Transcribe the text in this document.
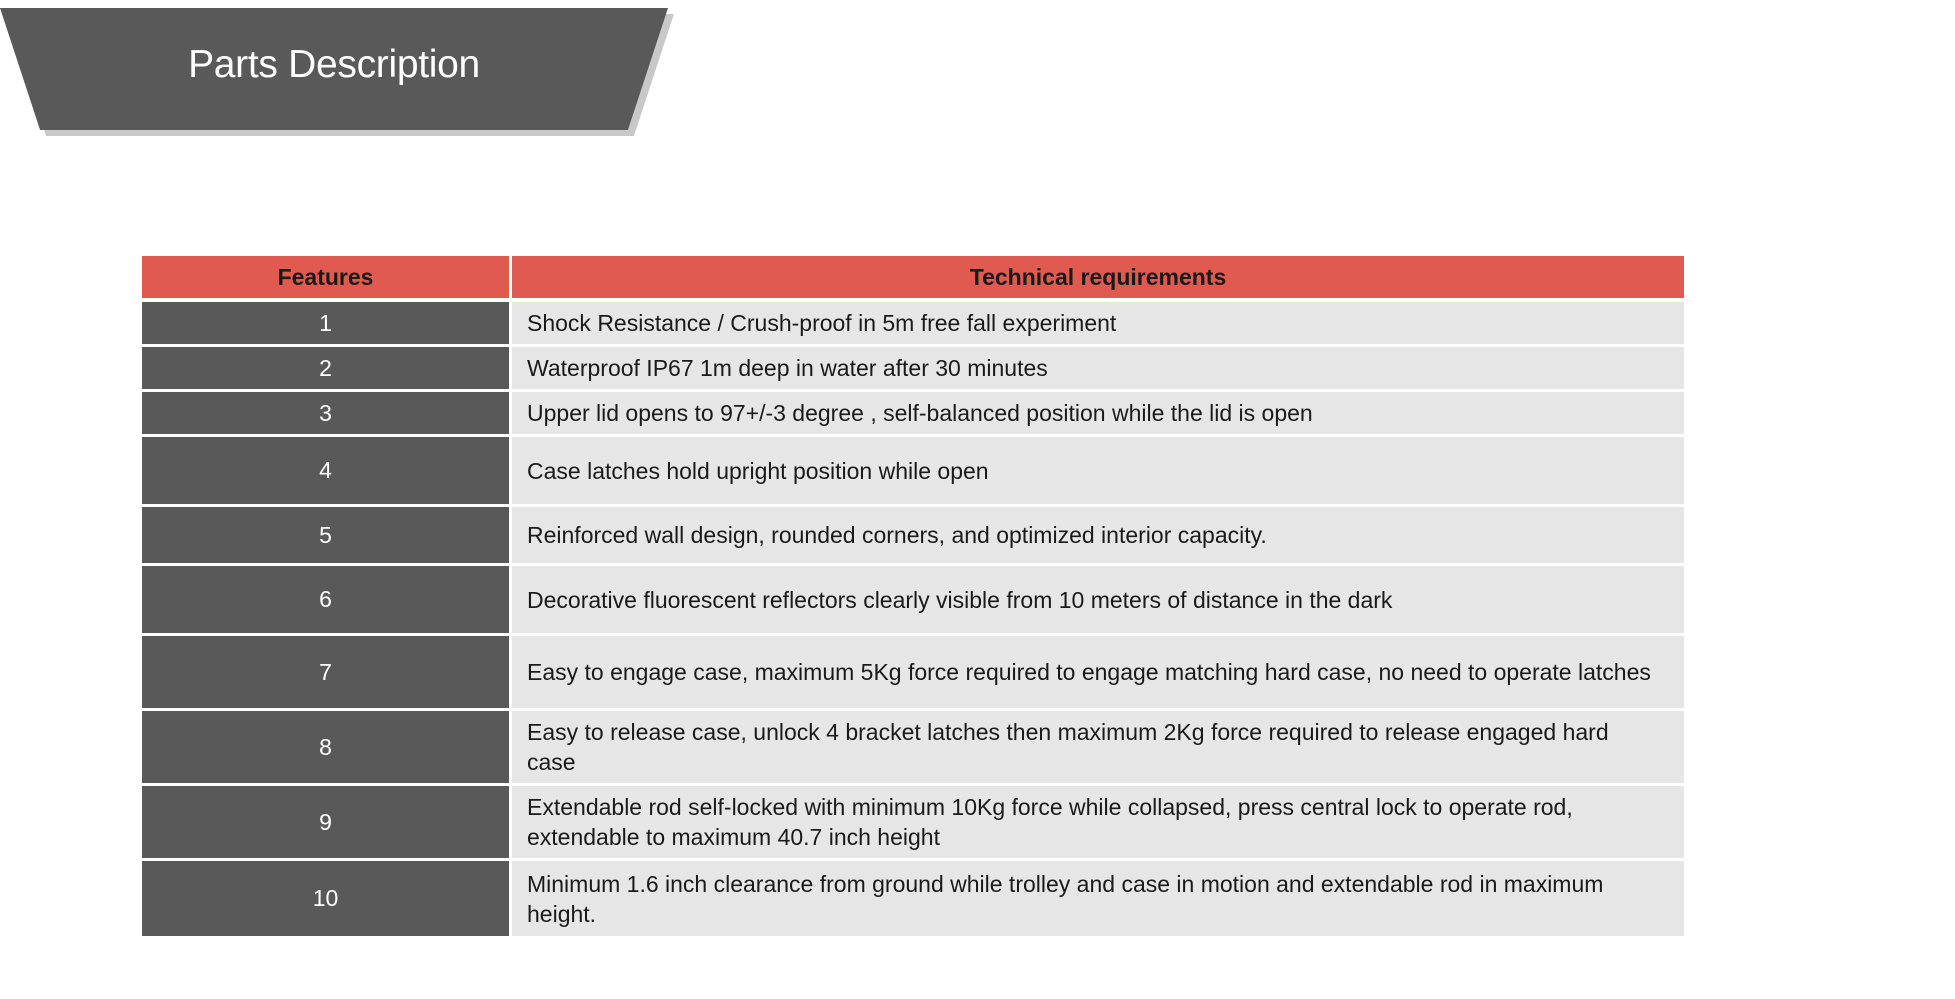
Parts Description
Features	Technical requirements
1	Shock Resistance / Crush-proof in 5m free fall experiment
2	Waterproof IP67 1m deep in water after 30 minutes
3	Upper lid opens to 97+/-3 degree , self-balanced position while the lid is open
4	Case latches hold upright position while open
5	Reinforced wall design, rounded corners, and optimized interior capacity.
6	Decorative fluorescent reflectors clearly visible from 10 meters of distance in the dark
7	Easy to engage case, maximum 5Kg force required to engage matching hard case, no need to operate latches
8	Easy to release case, unlock 4 bracket latches then maximum 2Kg force required to release engaged hard case
9	Extendable rod self-locked with minimum 10Kg force while collapsed, press central lock to operate rod, extendable to maximum 40.7 inch height
10	Minimum 1.6 inch clearance from ground while trolley and case in motion and extendable rod in maximum height.
